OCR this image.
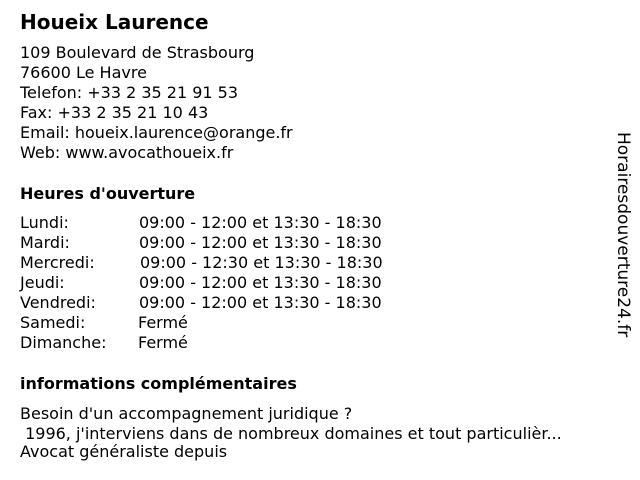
Houeix Laurence
109 Boulevard de Strasbourg
76600 Le Havre
Telefon: +33 2 35 21 91 53
Fax: +33 2 35 21 10 43
Email: houeix.laurence@orange.fr
Web: www.avocathoueix.fr
Heures d'ouverture
Lundi:	09:00 - 12:00 et 13:30 - 18:30
Mardi:	09:00 - 12:00 et 13:30 - 18:30
Mercredi:	09:00 - 12:30 et 13:30 - 18:30
Jeudi:	09:00 - 12:00 et 13:30 - 18:30
Vendredi:	09:00 - 12:00 et 13:30 - 18:30
Samedi:	Fermé
Dimanche: Fermé
informations complémentaires
Besoin d'un accompagnement juridique ?
1996, j'interviens dans de nombreux domaines et tout particulièr...
Avocat généraliste depuis
Horairesdouverture24.fr
